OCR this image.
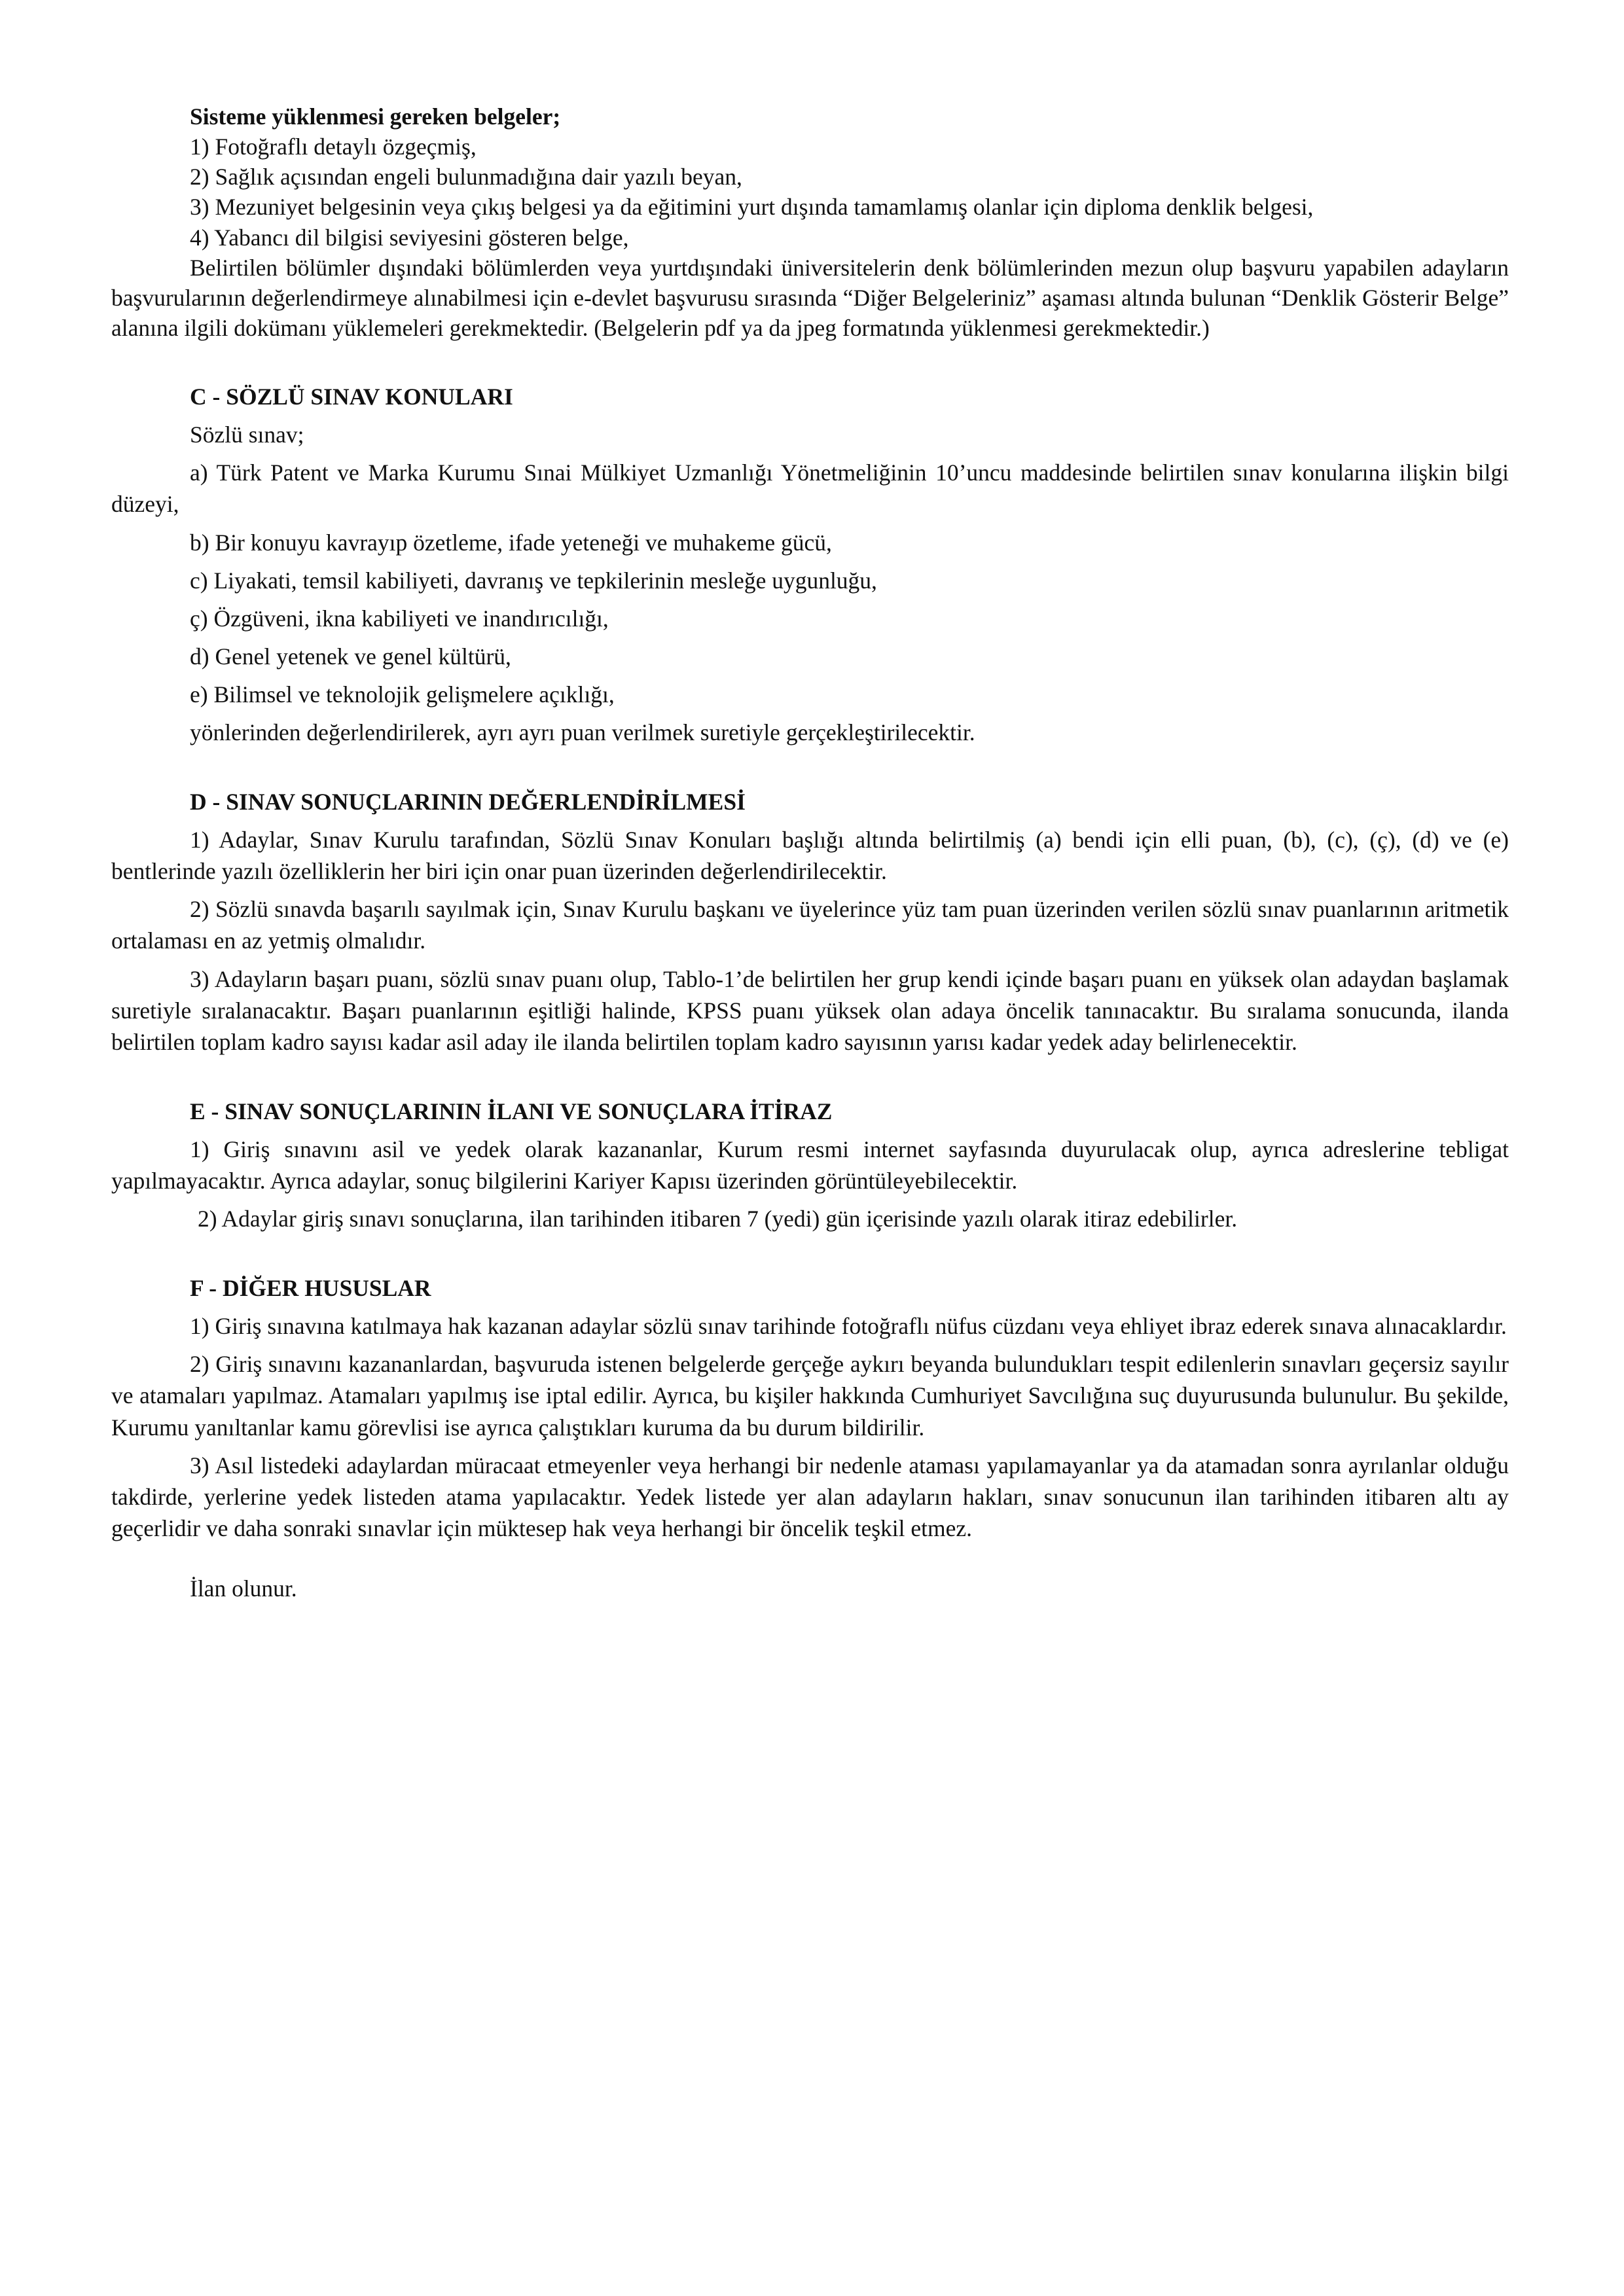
Sisteme yüklenmesi gereken belgeler;

1) Fotoğraflı detaylı özgeçmiş,

2) Sağlık açısından engeli bulunmadığına dair yazılı beyan,

3) Mezuniyet belgesinin veya çıkış belgesi ya da eğitimini yurt dışında tamamlamış olanlar için diploma denklik belgesi,

4) Yabancı dil bilgisi seviyesini gösteren belge,

Belirtilen bölümler dışındaki bölümlerden veya yurtdışındaki üniversitelerin denk bölümlerinden mezun olup başvuru yapabilen adayların başvurularının değerlendirmeye alınabilmesi için e-devlet başvurusu sırasında “Diğer Belgeleriniz” aşaması altında bulunan “Denklik Gösterir Belge” alanına ilgili dokümanı yüklemeleri gerekmektedir. (Belgelerin pdf ya da jpeg formatında yüklenmesi gerekmektedir.)

C - SÖZLÜ SINAV KONULARI

Sözlü sınav;

a) Türk Patent ve Marka Kurumu Sınai Mülkiyet Uzmanlığı Yönetmeliğinin 10’uncu maddesinde belirtilen sınav konularına ilişkin bilgi düzeyi,

b) Bir konuyu kavrayıp özetleme, ifade yeteneği ve muhakeme gücü,

c) Liyakati, temsil kabiliyeti, davranış ve tepkilerinin mesleğe uygunluğu,

ç) Özgüveni, ikna kabiliyeti ve inandırıcılığı,

d) Genel yetenek ve genel kültürü,

e) Bilimsel ve teknolojik gelişmelere açıklığı,

yönlerinden değerlendirilerek, ayrı ayrı puan verilmek suretiyle gerçekleştirilecektir.

D - SINAV SONUÇLARININ DEĞERLENDİRİLMESİ

1) Adaylar, Sınav Kurulu tarafından, Sözlü Sınav Konuları başlığı altında belirtilmiş (a) bendi için elli puan, (b), (c), (ç), (d) ve (e) bentlerinde yazılı özelliklerin her biri için onar puan üzerinden değerlendirilecektir.

2) Sözlü sınavda başarılı sayılmak için, Sınav Kurulu başkanı ve üyelerince yüz tam puan üzerinden verilen sözlü sınav puanlarının aritmetik ortalaması en az yetmiş olmalıdır.

3) Adayların başarı puanı, sözlü sınav puanı olup, Tablo-1’de belirtilen her grup kendi içinde başarı puanı en yüksek olan adaydan başlamak suretiyle sıralanacaktır. Başarı puanlarının eşitliği halinde, KPSS puanı yüksek olan adaya öncelik tanınacaktır. Bu sıralama sonucunda, ilanda belirtilen toplam kadro sayısı kadar asil aday ile ilanda belirtilen toplam kadro sayısının yarısı kadar yedek aday belirlenecektir.

E - SINAV SONUÇLARININ İLANI VE SONUÇLARA İTİRAZ

1) Giriş sınavını asil ve yedek olarak kazananlar, Kurum resmi internet sayfasında duyurulacak olup, ayrıca adreslerine tebligat yapılmayacaktır. Ayrıca adaylar, sonuç bilgilerini Kariyer Kapısı üzerinden görüntüleyebilecektir.

2) Adaylar giriş sınavı sonuçlarına, ilan tarihinden itibaren 7 (yedi) gün içerisinde yazılı olarak itiraz edebilirler.

F - DİĞER HUSUSLAR

1) Giriş sınavına katılmaya hak kazanan adaylar sözlü sınav tarihinde fotoğraflı nüfus cüzdanı veya ehliyet ibraz ederek sınava alınacaklardır.

2) Giriş sınavını kazananlardan, başvuruda istenen belgelerde gerçeğe aykırı beyanda bulundukları tespit edilenlerin sınavları geçersiz sayılır ve atamaları yapılmaz. Atamaları yapılmış ise iptal edilir. Ayrıca, bu kişiler hakkında Cumhuriyet Savcılığına suç duyurusunda bulunulur. Bu şekilde, Kurumu yanıltanlar kamu görevlisi ise ayrıca çalıştıkları kuruma da bu durum bildirilir.

3) Asıl listedeki adaylardan müracaat etmeyenler veya herhangi bir nedenle ataması yapılamayanlar ya da atamadan sonra ayrılanlar olduğu takdirde, yerlerine yedek listeden atama yapılacaktır. Yedek listede yer alan adayların hakları, sınav sonucunun ilan tarihinden itibaren altı ay geçerlidir ve daha sonraki sınavlar için müktesep hak veya herhangi bir öncelik teşkil etmez.

İlan olunur.
